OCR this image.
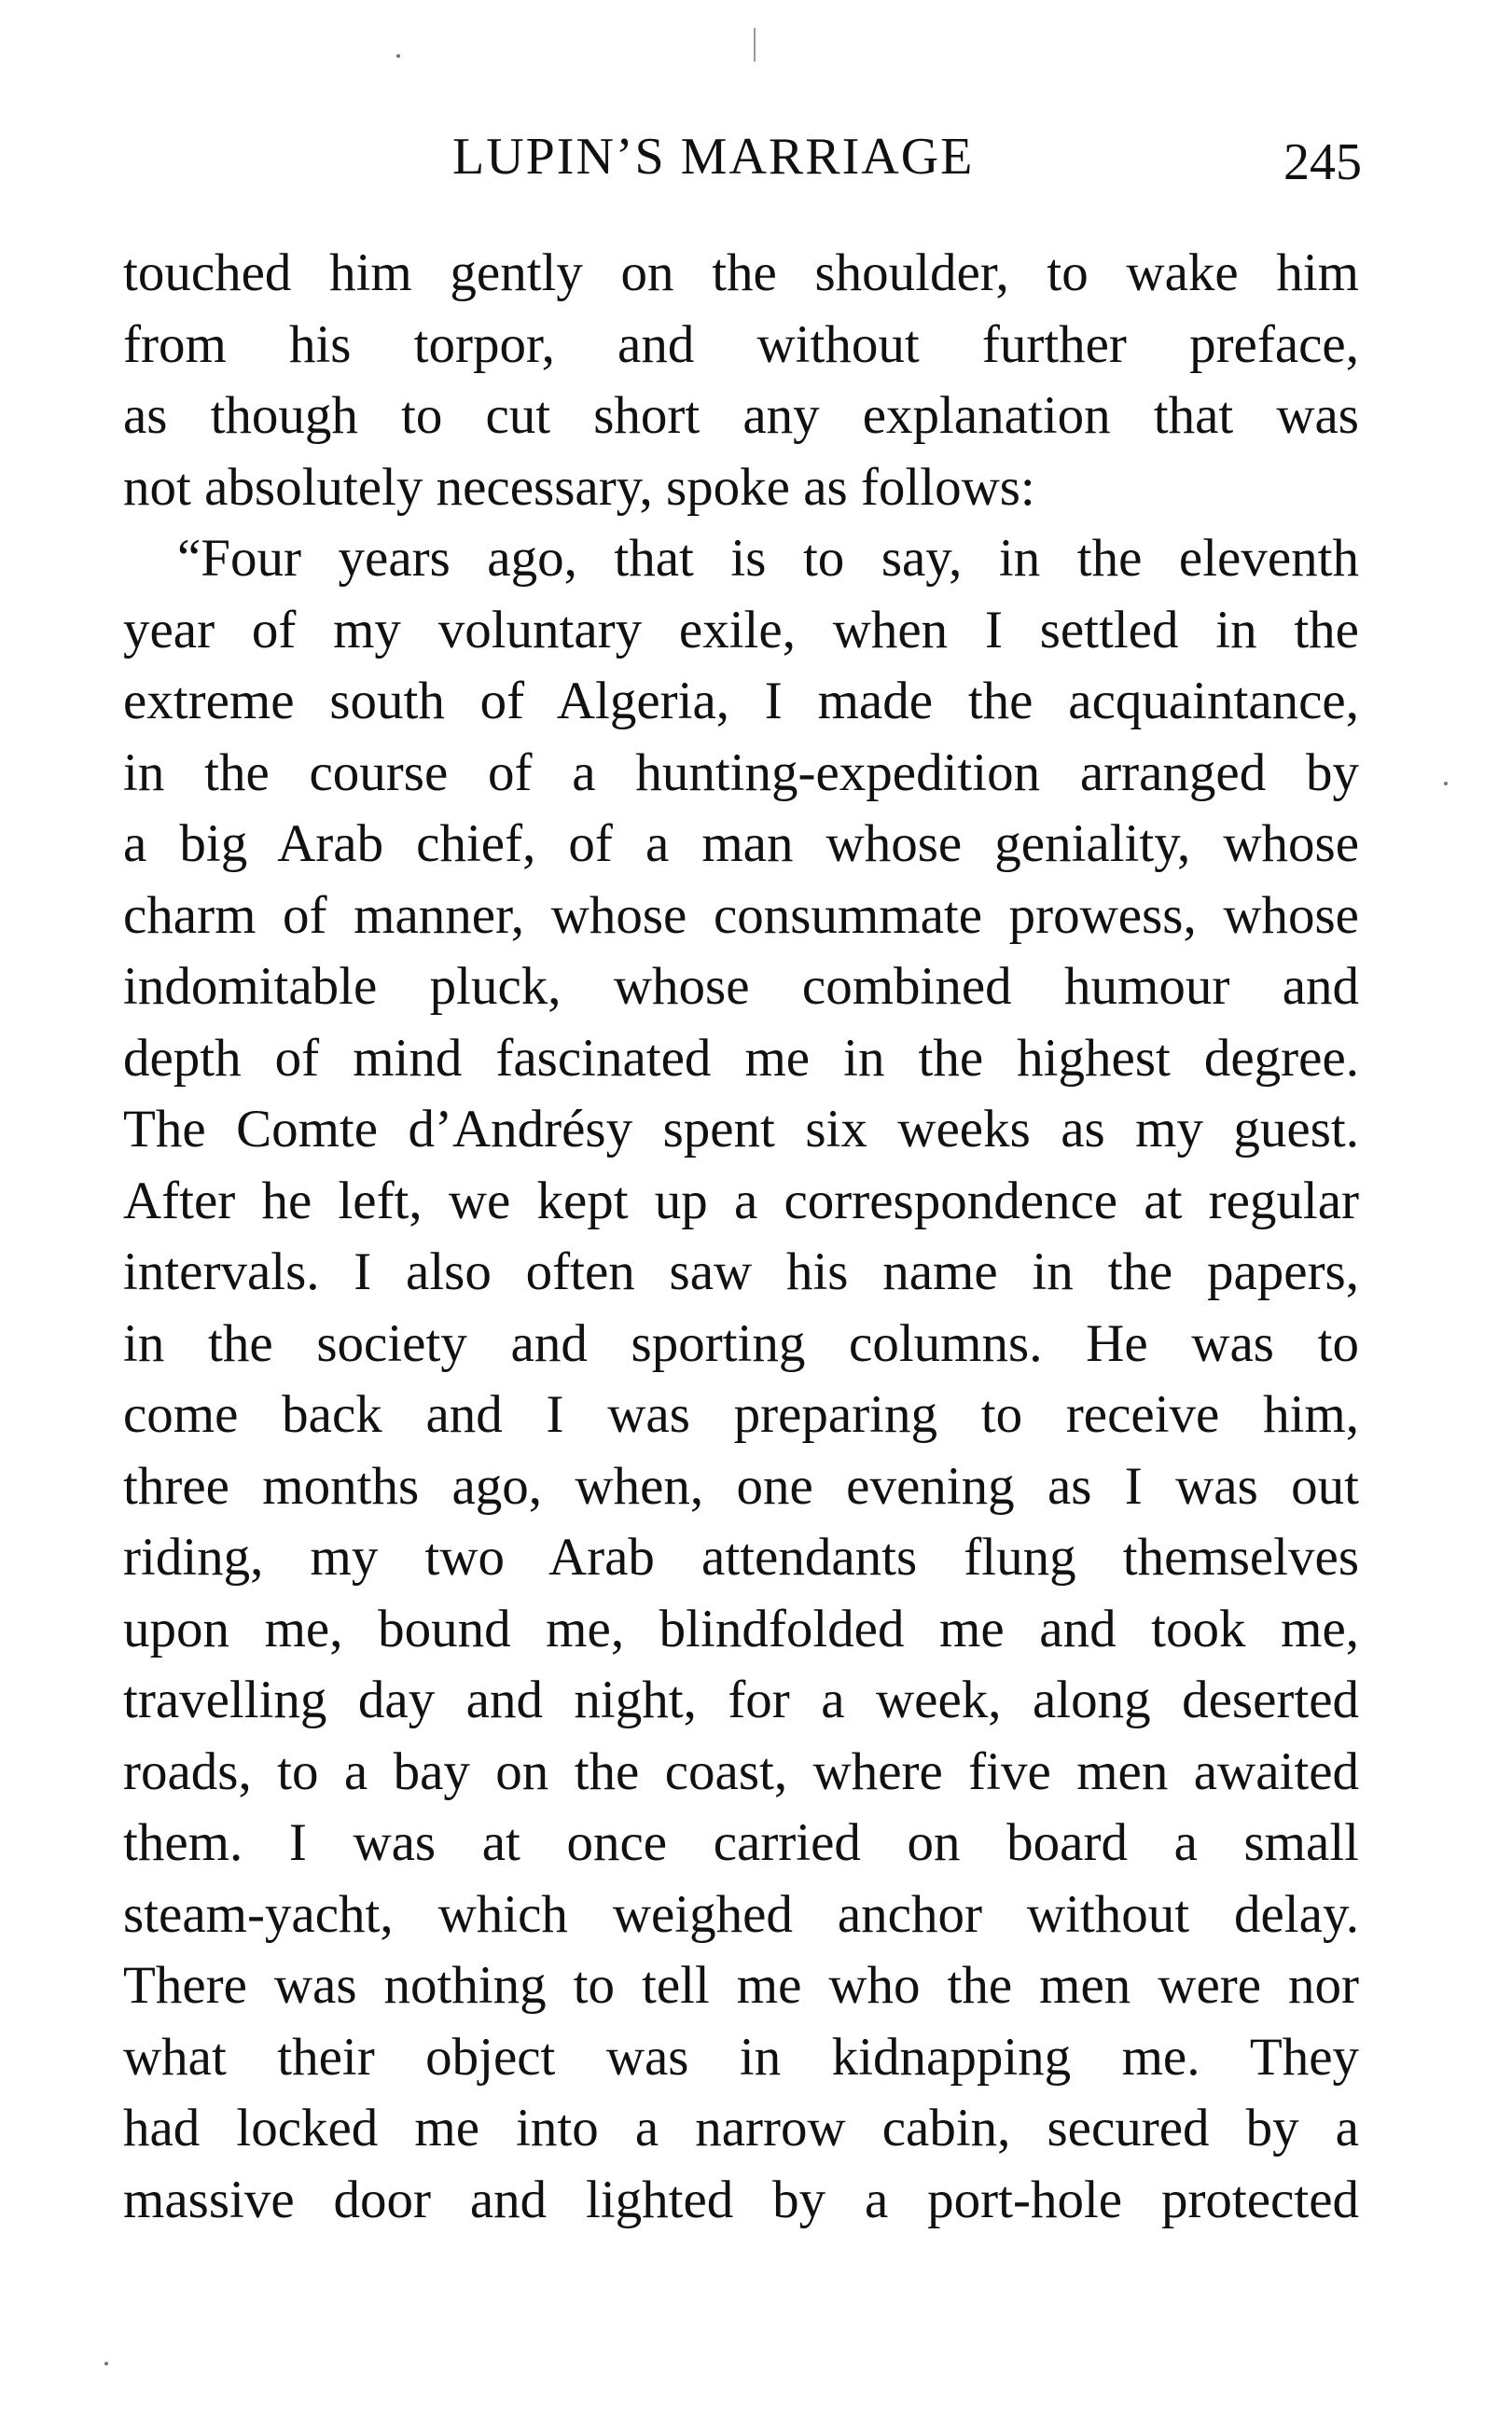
LUPIN’S MARRIAGE	245
touched him gently on the shoulder, to wake him
from his torpor, and without further preface,
as though to cut short any explanation that was
not absolutely necessary, spoke as follows:
“Four years ago, that is to say, in the eleventh
year of my voluntary exile, when I settled in the
extreme south of Algeria, I made the acquaintance,
in the course of a hunting-expedition arranged by
a big Arab chief, of a man whose geniality, whose
charm of manner, whose consummate prowess, whose
indomitable pluck, whose combined humour and
depth of mind fascinated me in the highest degree.
The Comte d’Andrésy spent six weeks as my guest.
After he left, we kept up a correspondence at regular
intervals. I also often saw his name in the papers,
in the society and sporting columns. He was to
come back and I was preparing to receive him,
three months ago, when, one evening as I was out
riding, my two Arab attendants flung themselves
upon me, bound me, blindfolded me and took me,
travelling day and night, for a week, along deserted
roads, to a bay on the coast, where five men awaited
them. I was at once carried on board a small
steam-yacht, which weighed anchor without delay.
There was nothing to tell me who the men were nor
what their object was in kidnapping me. They
had locked me into a narrow cabin, secured by a
massive door and lighted by a port-hole protected
